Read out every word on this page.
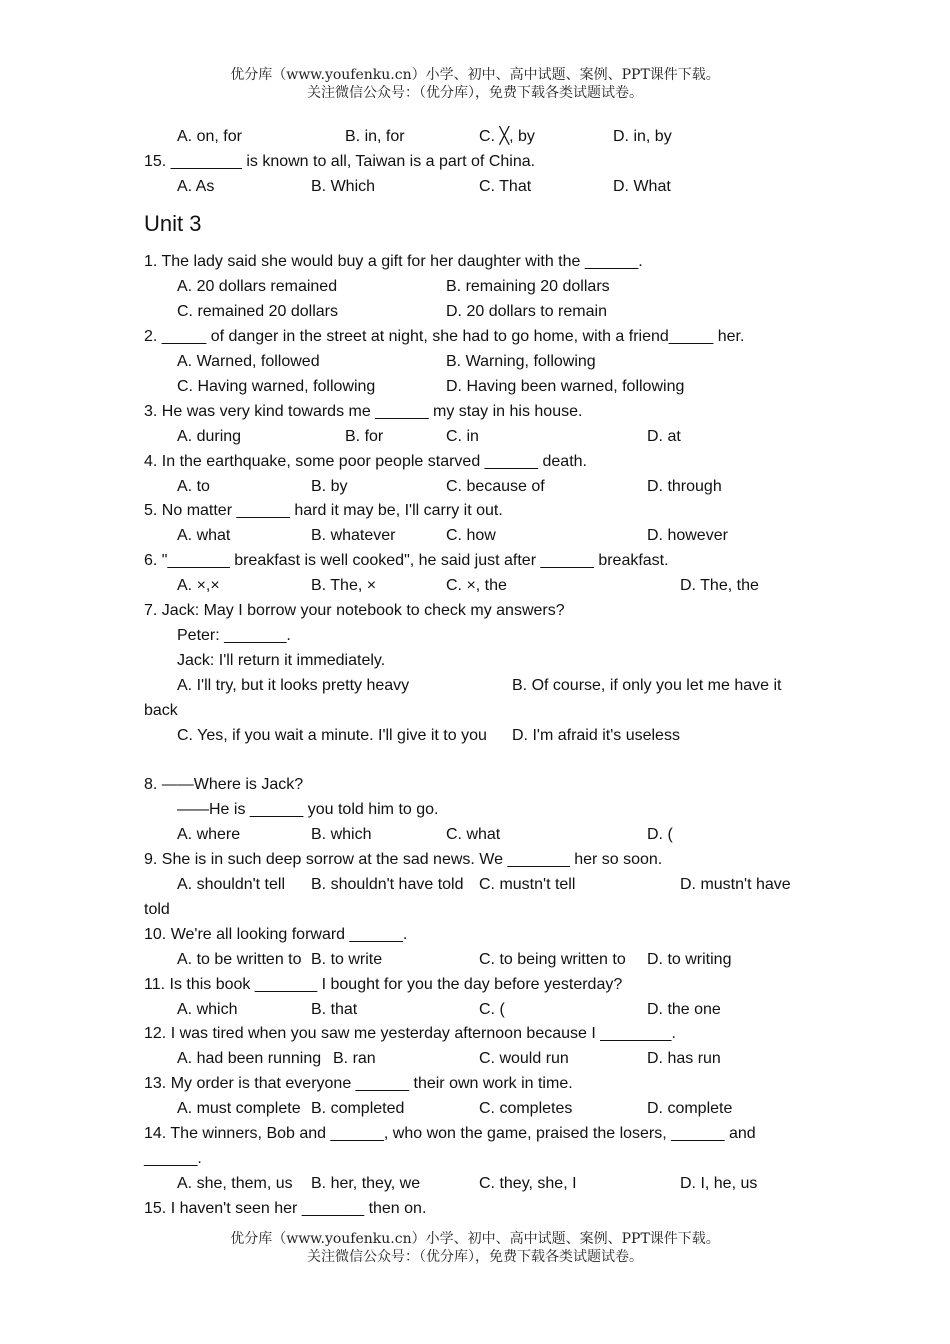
优分库（www.youfenku.cn）小学、初中、高中试题、案例、PPT课件下载。
关注微信公众号：（优分库），免费下载各类试题试卷。
A. on, for	B. in, for	C. ╳, by	D. in, by
15. ________ is known to all, Taiwan is a part of China.
A. As	B. Which	C. That	D. What
Unit 3
1. The lady said she would buy a gift for her daughter with the ______.
A. 20 dollars remained	B. remaining 20 dollars
C. remained 20 dollars	D. 20 dollars to remain
2. _____ of danger in the street at night, she had to go home, with a friend_____ her.
A. Warned, followed	B. Warning, following
C. Having warned, following	D. Having been warned, following
3. He was very kind towards me ______ my stay in his house.
A. during	B. for	C. in	D. at
4. In the earthquake, some poor people starved ______ death.
A. to	B. by	C. because of	D. through
5. No matter ______ hard it may be, I'll carry it out.
A. what	B. whatever	C. how	D. however
6. "_______ breakfast is well cooked", he said just after ______ breakfast.
A. ×,×	B. The, ×	C. ×, the	D. The, the
7. Jack: May I borrow your notebook to check my answers?
Peter: _______.
Jack: I'll return it immediately.
A. I'll try, but it looks pretty heavy	B. Of course, if only you let me have it
back
C. Yes, if you wait a minute. I'll give it to you D. I'm afraid it's useless
8. ——Where is Jack?
——He is ______ you told him to go.
A. where	B. which	C. what	D. (
9. She is in such deep sorrow at the sad news. We _______ her so soon.
A. shouldn't tell B. shouldn't have told C. mustn't tell	D. mustn't have
told
10. We're all looking forward ______.
A. to be written to B. to write	C. to being written to D. to writing
11. Is this book _______ I bought for you the day before yesterday?
A. which	B. that	C. (	D. the one
12. I was tired when you saw me yesterday afternoon because I ________.
A. had been running B. ran	C. would run	D. has run
13. My order is that everyone ______ their own work in time.
A. must complete B. completed	C. completes	D. complete
14. The winners, Bob and ______, who won the game, praised the losers, ______ and
______.
A. she, them, us B. her, they, we	C. they, she, I	D. I, he, us
15. I haven't seen her _______ then on.
优分库（www.youfenku.cn）小学、初中、高中试题、案例、PPT课件下载。
关注微信公众号：（优分库），免费下载各类试题试卷。
